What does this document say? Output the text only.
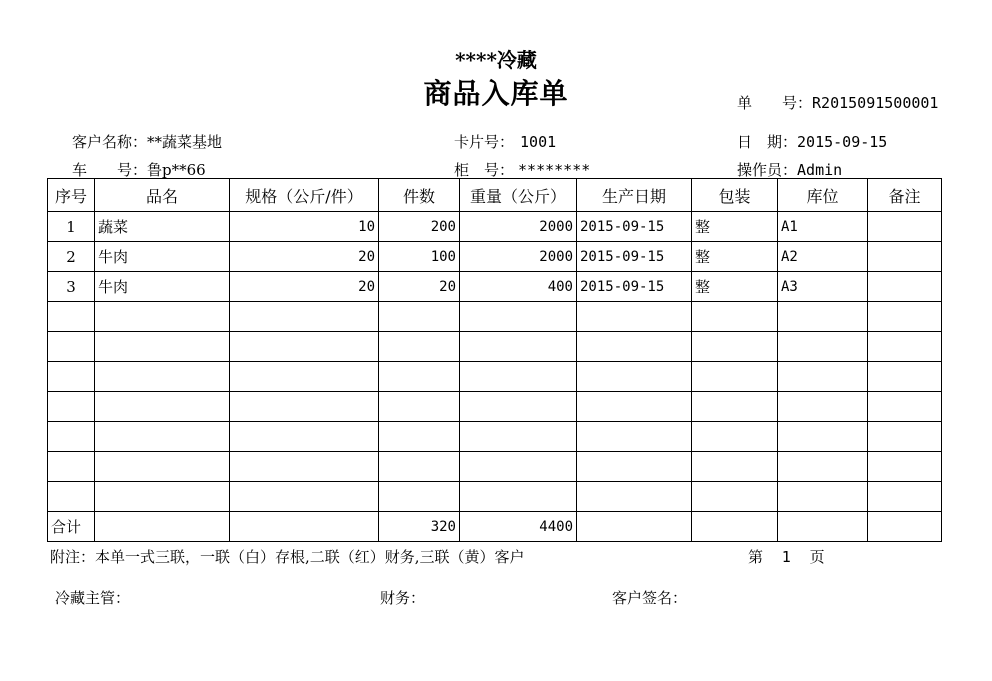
****冷藏
商品入库单	单　　号：R2015091500001
客户名称：**蔬菜基地	卡片号： 1001	日　期：2015-09-15
车　　号：鲁p**66	柜　号： ********	操作员：Admin
序号	品名	规格（公斤/件）	件数	重量（公斤）	生产日期	包装	库位	备注
1	蔬菜	10	200	2000	2015-09-15	整	A1	
2	牛肉	20	100	2000	2015-09-15	整	A2	
3	牛肉	20	20	400	2015-09-15	整	A3	

合计			320	4400				
附注：本单一式三联，一联（白）存根,二联（红）财务,三联（黄）客户	第 1 页
冷藏主管：	财务：	客户签名：
